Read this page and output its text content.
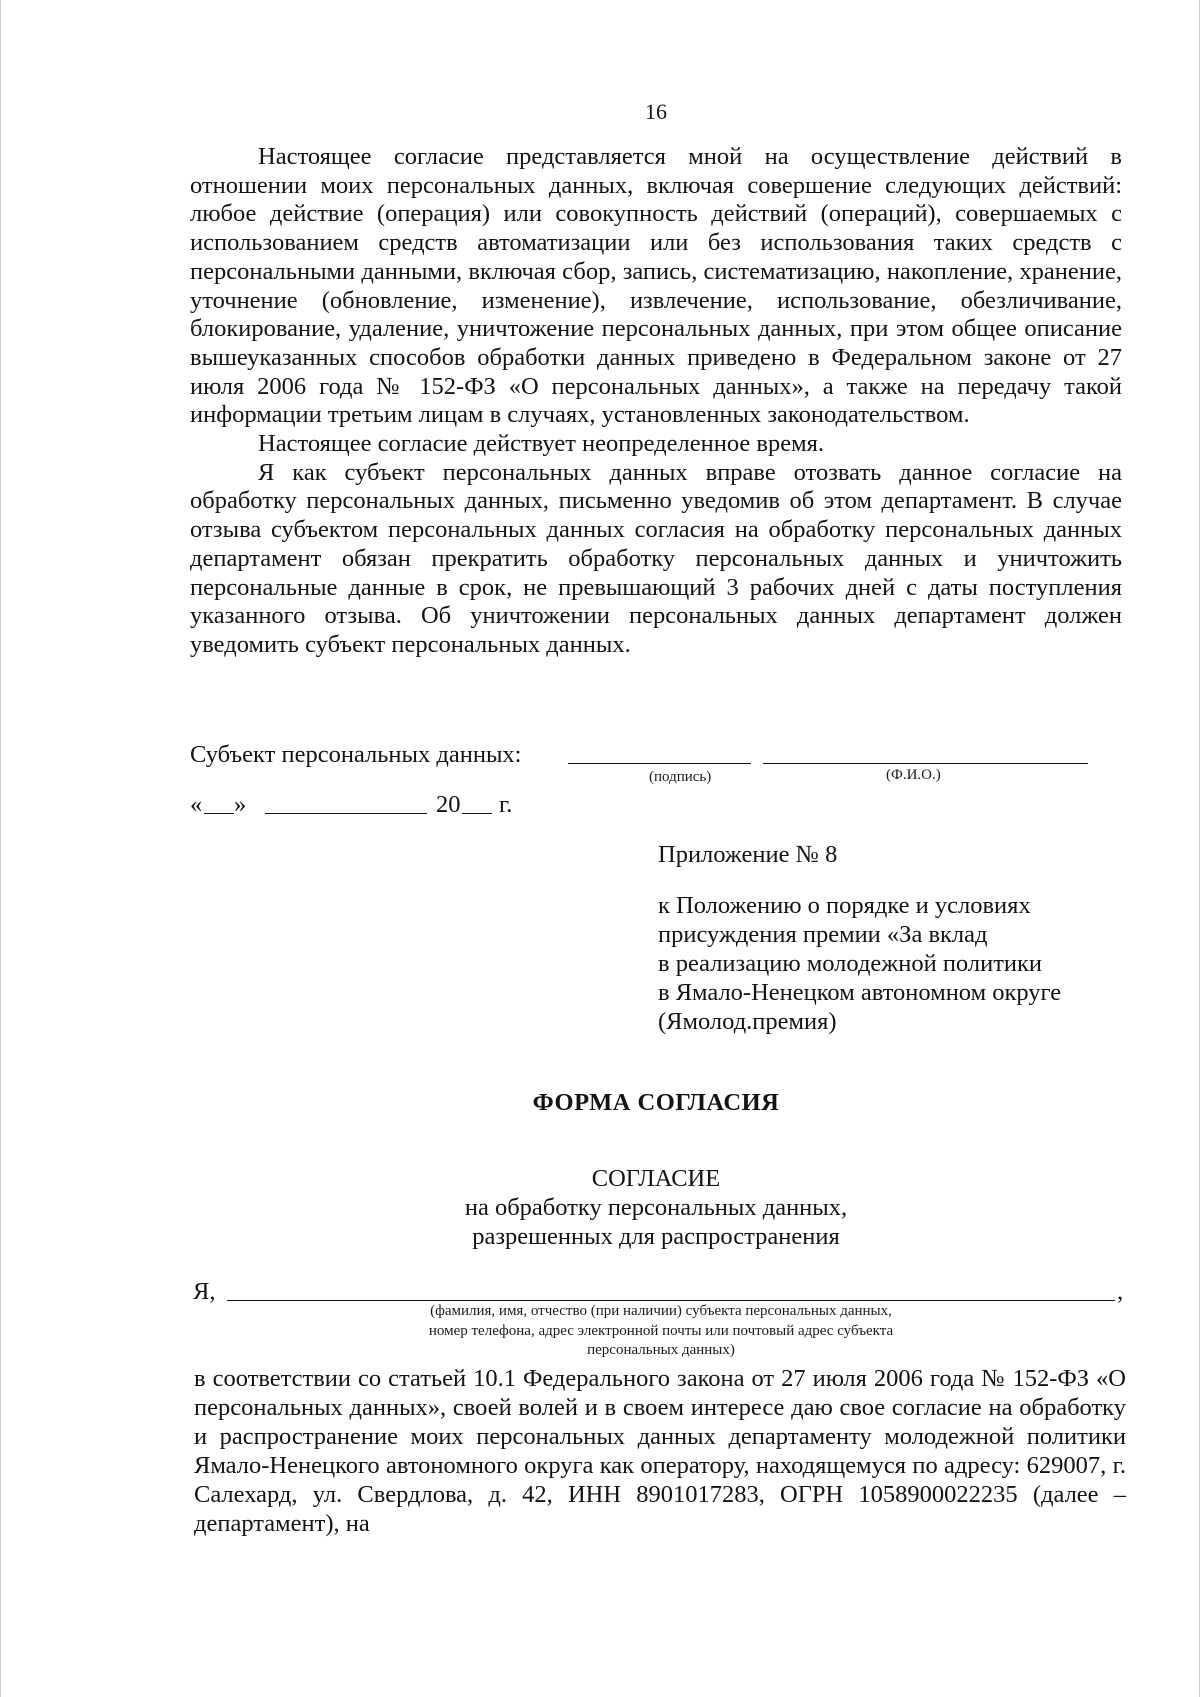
16

Настоящее согласие представляется мной на осуществление действий в отношении моих персональных данных, включая совершение следующих действий: любое действие (операция) или совокупность действий (операций), совершаемых с использованием средств автоматизации или без использования таких средств с персональными данными, включая сбор, запись, систематизацию, накопление, хранение, уточнение (обновление, изменение), извлечение, использование, обезличивание, блокирование, удаление, уничтожение персональных данных, при этом общее описание вышеуказанных способов обработки данных приведено в Федеральном законе от 27 июля 2006 года № 152-ФЗ «О персональных данных», а также на передачу такой информации третьим лицам в случаях, установленных законодательством.

Настоящее согласие действует неопределенное время.

Я как субъект персональных данных вправе отозвать данное согласие на обработку персональных данных, письменно уведомив об этом департамент. В случае отзыва субъектом персональных данных согласия на обработку персональных данных департамент обязан прекратить обработку персональных данных и уничтожить персональные данные в срок, не превышающий 3 рабочих дней с даты поступления указанного отзыва. Об уничтожении персональных данных департамент должен уведомить субъект персональных данных.

Субъект персональных данных:
(подпись)	(Ф.И.О.)
« »	20 г.
Приложение № 8
к Положению о порядке и условиях
присуждения премии «За вклад
в реализацию молодежной политики
в Ямало-Ненецком автономном округе
(Ямолод.премия)
ФОРМА СОГЛАСИЯ
СОГЛАСИЕ
на обработку персональных данных,
разрешенных для распространения
Я,	,
(фамилия, имя, отчество (при наличии) субъекта персональных данных,
номер телефона, адрес электронной почты или почтовый адрес субъекта
персональных данных)

в соответствии со статьей 10.1 Федерального закона от 27 июля 2006 года № 152-ФЗ «О персональных данных», своей волей и в своем интересе даю свое согласие на обработку и распространение моих персональных данных департаменту молодежной политики Ямало-Ненецкого автономного округа как оператору, находящемуся по адресу: 629007, г. Салехард, ул. Свердлова, д. 42, ИНН 8901017283, ОГРН 1058900022235 (далее – департамент), на
